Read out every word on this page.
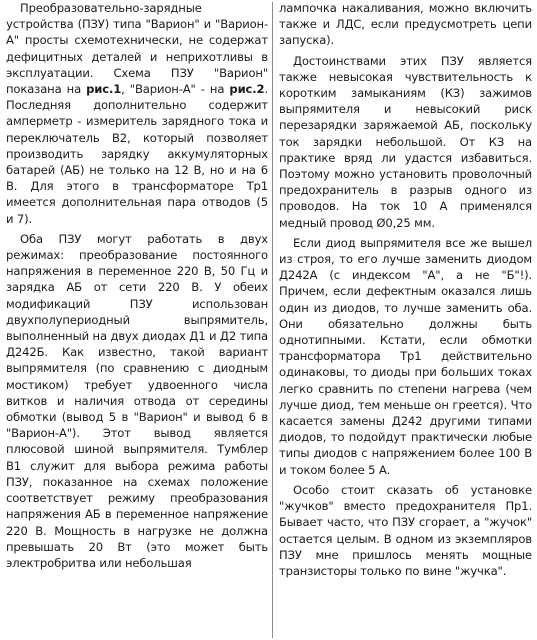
Преобразовательно-зарядные устройства (ПЗУ) типа "Варион" и "Варион-А" просты схемотехнически, не содержат дефицитных деталей и неприхотливы в эксплуатации. Схема ПЗУ "Варион" показана на рис.1, "Варион-А" - на рис.2. Последняя дополнительно содержит амперметр - измеритель зарядного тока и переключатель В2, который позволяет производить зарядку аккумуляторных батарей (АБ) не только на 12 В, но и на 6 В. Для этого в трансформаторе Тр1 имеется дополнительная пара отводов (5 и 7).

Оба ПЗУ могут работать в двух режимах: преобразование постоянного напряжения в переменное 220 В, 50 Гц и зарядка АБ от сети 220 В. У обеих модификаций ПЗУ использован двухполупериодный выпрямитель, выполненный на двух диодах Д1 и Д2 типа Д242Б. Как известно, такой вариант выпрямителя (по сравнению с диодным мостиком) требует удвоенного числа витков и наличия отвода от середины обмотки (вывод 5 в "Варион" и вывод 6 в "Варион-А"). Этот вывод является плюсовой шиной выпрямителя. Тумблер В1 служит для выбора режима работы ПЗУ, показанное на схемах положение соответствует режиму преобразования напряжения АБ в переменное напряжение 220 В. Мощность в нагрузке не должна превышать 20 Вт (это может быть электробритва или небольшая

лампочка накаливания, можно включить также и ЛДС, если предусмотреть цепи запуска).

Достоинствами этих ПЗУ является также невысокая чувствительность к коротким замыканиям (КЗ) зажимов выпрямителя и невысокий риск перезарядки заряжаемой АБ, поскольку ток зарядки небольшой. От КЗ на практике вряд ли удастся избавиться. Поэтому можно установить проволочный предохранитель в разрыв одного из проводов. На ток 10 А применялся медный провод Ø0,25 мм.

Если диод выпрямителя все же вышел из строя, то его лучше заменить диодом Д242А (с индексом "А", а не "Б"!). Причем, если дефектным оказался лишь один из диодов, то лучше заменить оба. Они обязательно должны быть однотипными. Кстати, если обмотки трансформатора Тр1 действительно одинаковы, то диоды при больших токах легко сравнить по степени нагрева (чем лучше диод, тем меньше он греется). Что касается замены Д242 другими типами диодов, то подойдут практически любые типы диодов с напряжением более 100 В и током более 5 А.

Особо стоит сказать об установке "жучков" вместо предохранителя Пр1. Бывает часто, что ПЗУ сгорает, а "жучок" остается целым. В одном из экземпляров ПЗУ мне пришлось менять мощные транзисторы только по вине "жучка".
